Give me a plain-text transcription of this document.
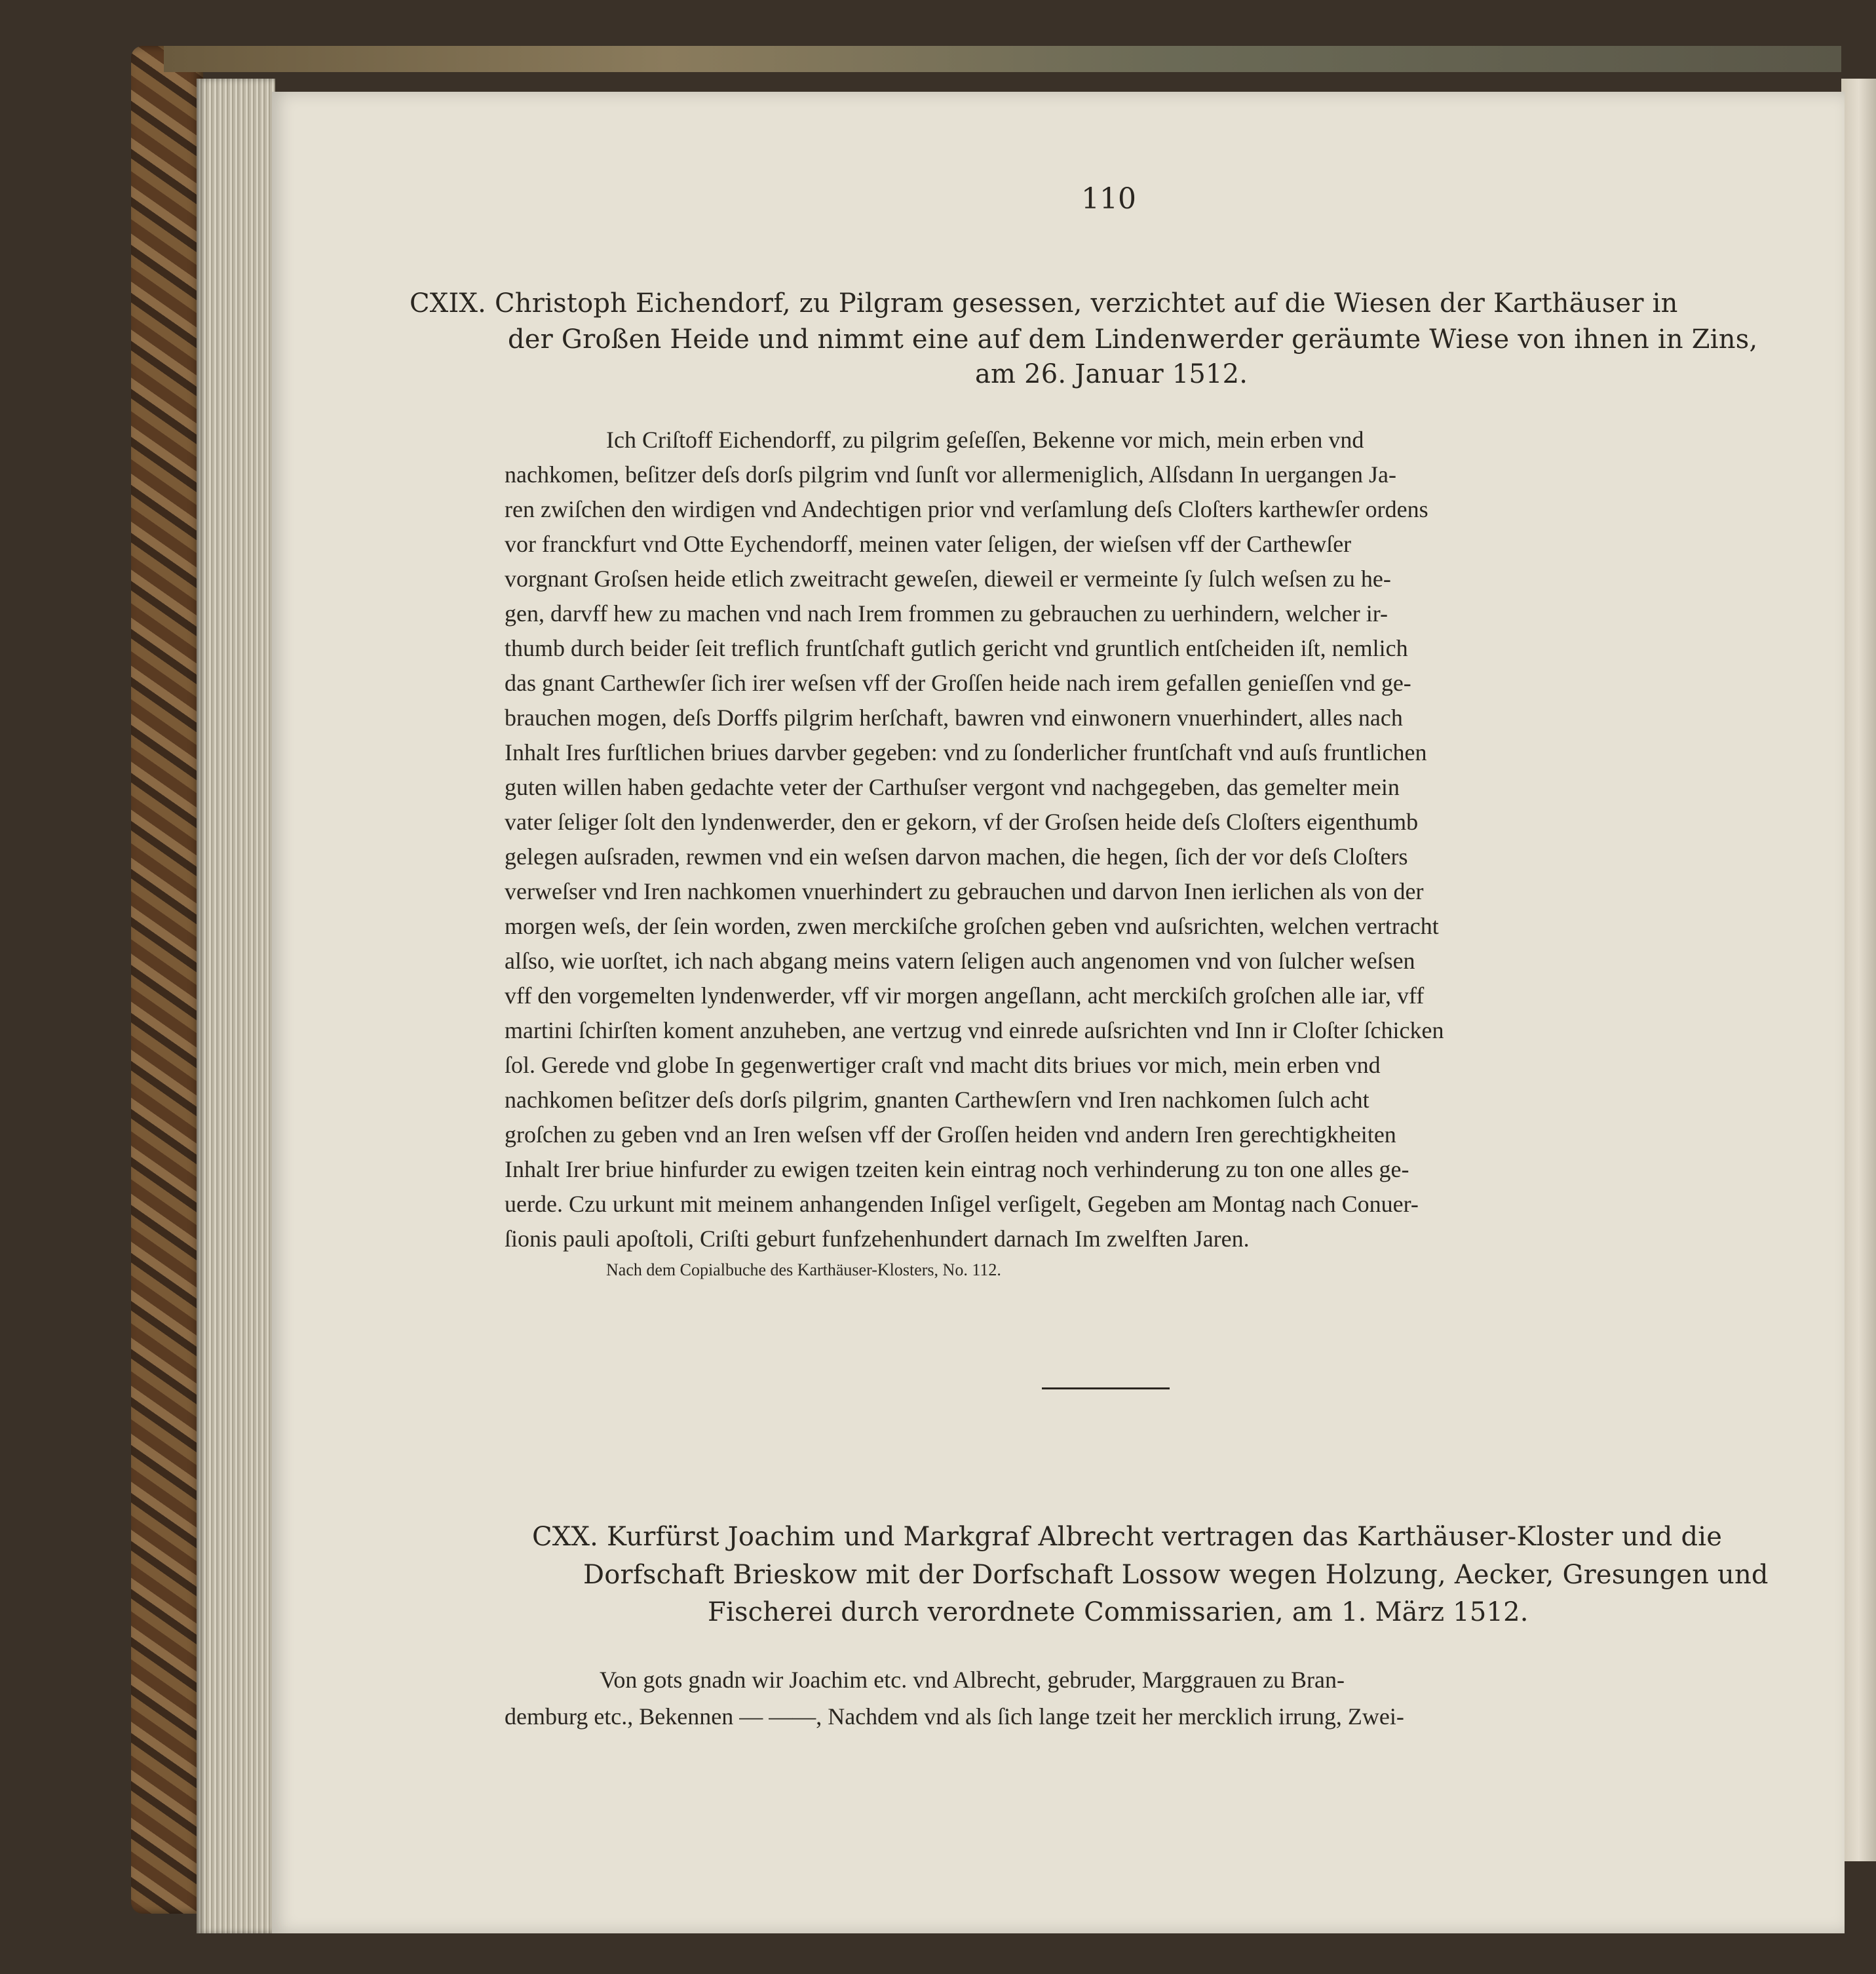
110
CXIX. Christoph Eichendorf, zu Pilgram gesessen, verzichtet auf die Wiesen der Karthäuser in
der Großen Heide und nimmt eine auf dem Lindenwerder geräumte Wiese von ihnen in Zins,
am 26. Januar 1512.
Ich Criſtoff Eichendorff, zu pilgrim geſeſſen, Bekenne vor mich, mein erben vnd
nachkomen, beſitzer deſs dorſs pilgrim vnd ſunſt vor allermeniglich, Alſsdann In uergangen Ja-
ren zwiſchen den wirdigen vnd Andechtigen prior vnd verſamlung deſs Cloſters karthewſer ordens
vor franckfurt vnd Otte Eychendorff, meinen vater ſeligen, der wieſsen vff der Carthewſer
vorgnant Groſsen heide etlich zweitracht geweſen, dieweil er vermeinte ſy ſulch weſsen zu he-
gen, darvff hew zu machen vnd nach Irem frommen zu gebrauchen zu uerhindern, welcher ir-
thumb durch beider ſeit treflich fruntſchaft gutlich gericht vnd gruntlich entſcheiden iſt, nemlich
das gnant Carthewſer ſich irer weſsen vff der Groſſen heide nach irem gefallen genieſſen vnd ge-
brauchen mogen, deſs Dorffs pilgrim herſchaft, bawren vnd einwonern vnuerhindert, alles nach
Inhalt Ires furſtlichen briues darvber gegeben: vnd zu ſonderlicher fruntſchaft vnd auſs fruntlichen
guten willen haben gedachte veter der Carthuſser vergont vnd nachgegeben, das gemelter mein
vater ſeliger ſolt den lyndenwerder, den er gekorn, vf der Groſsen heide deſs Cloſters eigenthumb
gelegen auſsraden, rewmen vnd ein weſsen darvon machen, die hegen, ſich der vor deſs Cloſters
verweſser vnd Iren nachkomen vnuerhindert zu gebrauchen und darvon Inen ierlichen als von der
morgen weſs, der ſein worden, zwen merckiſche groſchen geben vnd auſsrichten, welchen vertracht
alſso, wie uorſtet, ich nach abgang meins vatern ſeligen auch angenomen vnd von ſulcher weſsen
vff den vorgemelten lyndenwerder, vff vir morgen angeſlann, acht merckiſch groſchen alle iar, vff
martini ſchirſten koment anzuheben, ane vertzug vnd einrede auſsrichten vnd Inn ir Cloſter ſchicken
ſol. Gerede vnd globe In gegenwertiger craſt vnd macht dits briues vor mich, mein erben vnd
nachkomen beſitzer deſs dorſs pilgrim, gnanten Carthewſern vnd Iren nachkomen ſulch acht
groſchen zu geben vnd an Iren weſsen vff der Groſſen heiden vnd andern Iren gerechtigkheiten
Inhalt Irer briue hinfurder zu ewigen tzeiten kein eintrag noch verhinderung zu ton one alles ge-
uerde. Czu urkunt mit meinem anhangenden Inſigel verſigelt, Gegeben am Montag nach Conuer-
ſionis pauli apoſtoli, Criſti geburt funfzehenhundert darnach Im zwelften Jaren.
Nach dem Copialbuche des Karthäuser-Klosters, No. 112.
CXX. Kurfürst Joachim und Markgraf Albrecht vertragen das Karthäuser-Kloster und die
Dorfschaft Brieskow mit der Dorfschaft Lossow wegen Holzung, Aecker, Gresungen und
Fischerei durch verordnete Commissarien, am 1. März 1512.
Von gots gnadn wir Joachim etc. vnd Albrecht, gebruder, Marggrauen zu Bran-
demburg etc., Bekennen — ——, Nachdem vnd als ſich lange tzeit her mercklich irrung, Zwei-
